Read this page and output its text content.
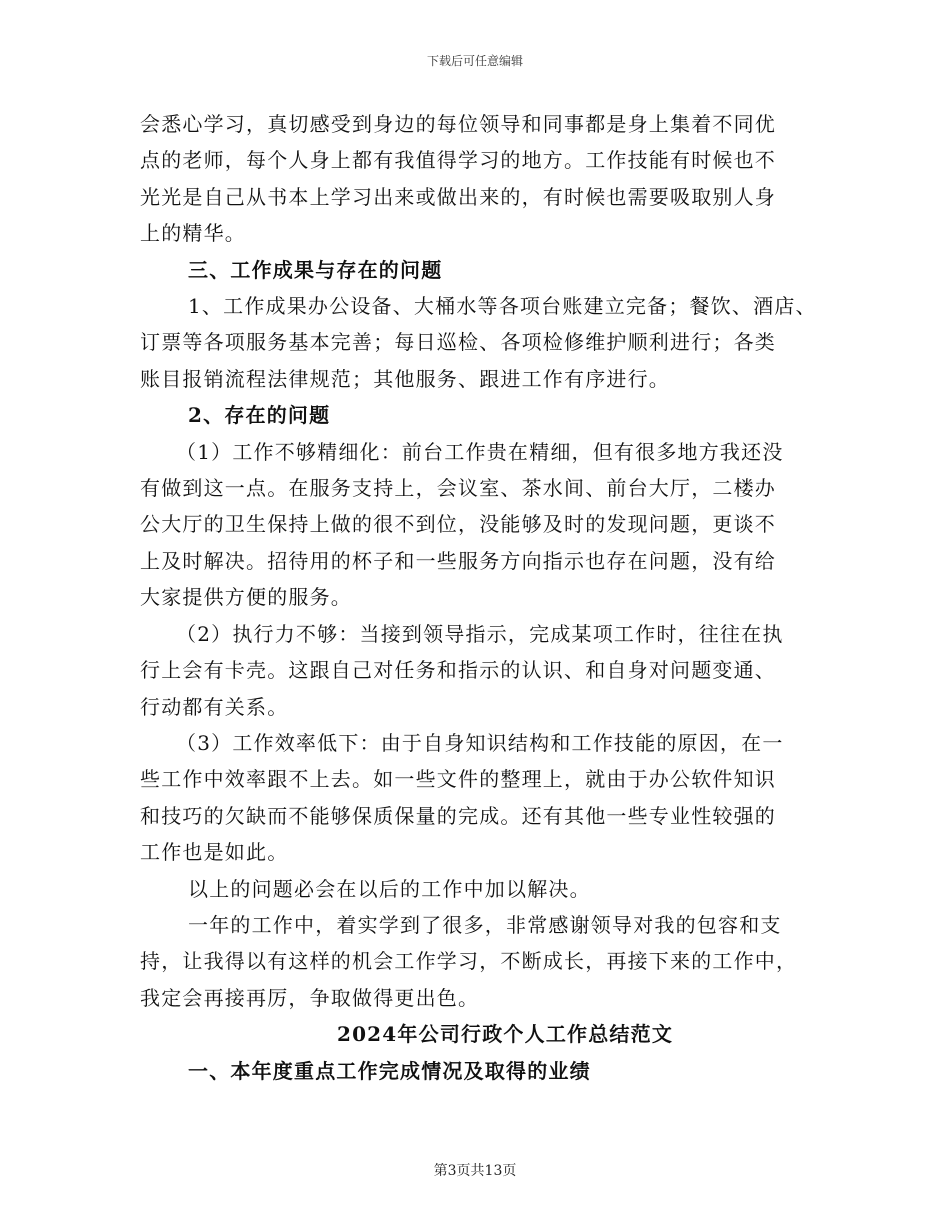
下载后可任意编辑
会悉心学习，真切感受到身边的每位领导和同事都是身上集着不同优
点的老师，每个人身上都有我值得学习的地方。工作技能有时候也不
光光是自己从书本上学习出来或做出来的，有时候也需要吸取别人身
上的精华。
三、工作成果与存在的问题
1、工作成果办公设备、大桶水等各项台账建立完备；餐饮、酒店、
订票等各项服务基本完善；每日巡检、各项检修维护顺利进行；各类
账目报销流程法律规范；其他服务、跟进工作有序进行。
2、存在的问题
（1）工作不够精细化：前台工作贵在精细，但有很多地方我还没
有做到这一点。在服务支持上，会议室、茶水间、前台大厅，二楼办
公大厅的卫生保持上做的很不到位，没能够及时的发现问题，更谈不
上及时解决。招待用的杯子和一些服务方向指示也存在问题，没有给
大家提供方便的服务。
（2）执行力不够：当接到领导指示，完成某项工作时，往往在执
行上会有卡壳。这跟自己对任务和指示的认识、和自身对问题变通、
行动都有关系。
（3）工作效率低下：由于自身知识结构和工作技能的原因，在一
些工作中效率跟不上去。如一些文件的整理上，就由于办公软件知识
和技巧的欠缺而不能够保质保量的完成。还有其他一些专业性较强的
工作也是如此。
以上的问题必会在以后的工作中加以解决。
一年的工作中，着实学到了很多，非常感谢领导对我的包容和支
持，让我得以有这样的机会工作学习，不断成长，再接下来的工作中，
我定会再接再厉，争取做得更出色。
2024年公司行政个人工作总结范文
一、本年度重点工作完成情况及取得的业绩
第3页共13页
